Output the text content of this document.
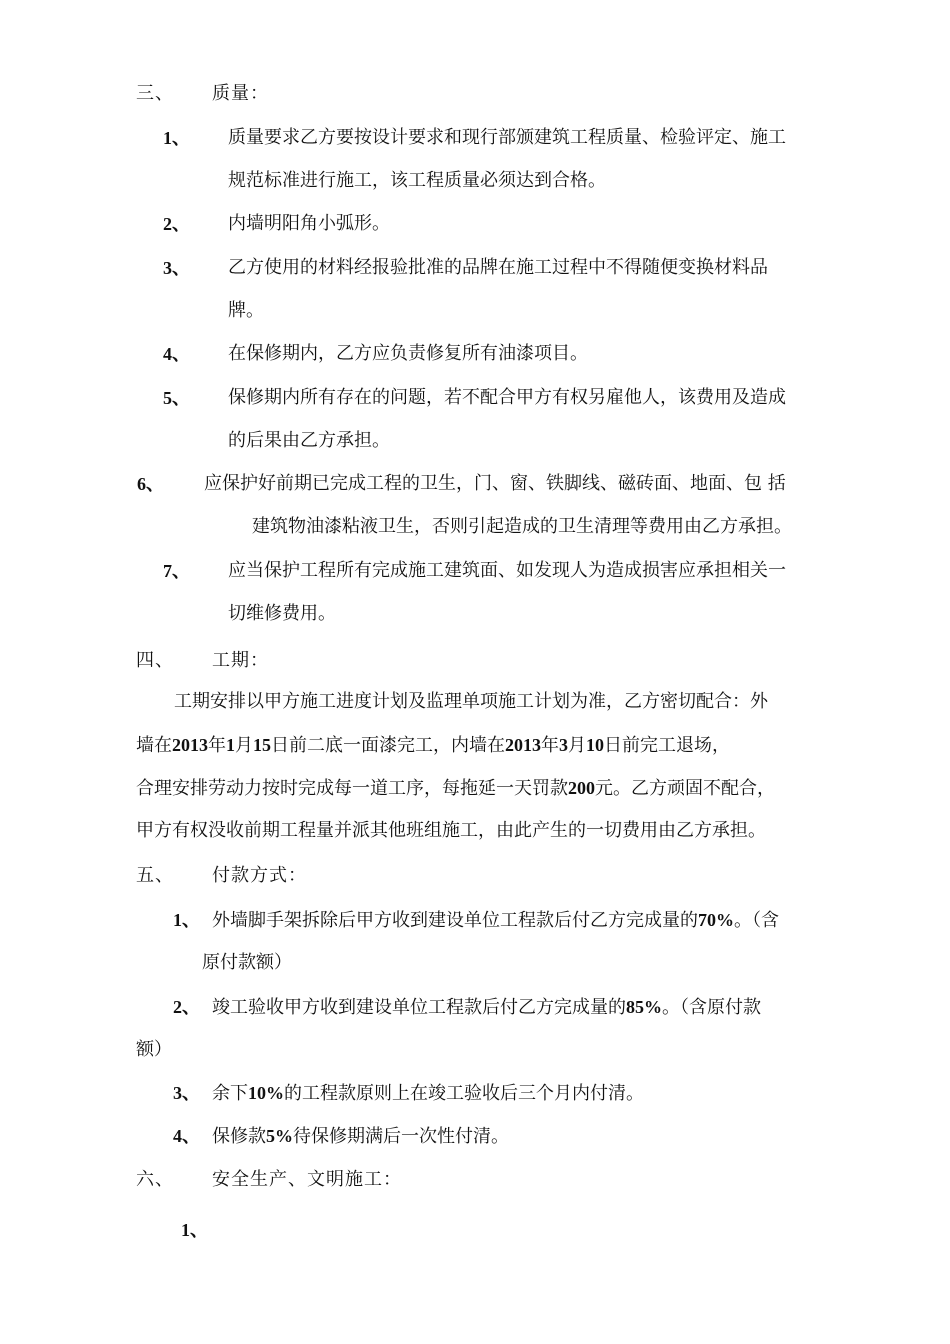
三、 质量：
1、 质量要求乙方要按设计要求和现行部颁建筑工程质量、检验评定、施工
规范标准进行施工，该工程质量必须达到合格。
2、 内墙明阳角小弧形。
3、 乙方使用的材料经报验批准的品牌在施工过程中不得随便变换材料品
牌。
4、 在保修期内，乙方应负责修复所有油漆项目。
5、 保修期内所有存在的问题，若不配合甲方有权另雇他人，该费用及造成
的后果由乙方承担。
6、 应保护好前期已完成工程的卫生，门、窗、铁脚线、磁砖面、地面、包 括
建筑物油漆粘液卫生，否则引起造成的卫生清理等费用由乙方承担。
7、 应当保护工程所有完成施工建筑面、如发现人为造成损害应承担相关一
切维修费用。
四、 工期：
工期安排以甲方施工进度计划及监理单项施工计划为准，乙方密切配合：外
墙在2013年1月15日前二底一面漆完工，内墙在2013年3月10日前完工退场，
合理安排劳动力按时完成每一道工序，每拖延一天罚款200元。乙方顽固不配合，
甲方有权没收前期工程量并派其他班组施工，由此产生的一切费用由乙方承担。
五、 付款方式：
1、 外墙脚手架拆除后甲方收到建设单位工程款后付乙方完成量的70%。（含
原付款额）
2、 竣工验收甲方收到建设单位工程款后付乙方完成量的85%。（含原付款
额）
3、 余下10%的工程款原则上在竣工验收后三个月内付清。
4、 保修款5%待保修期满后一次性付清。
六、 安全生产、文明施工：
1、
